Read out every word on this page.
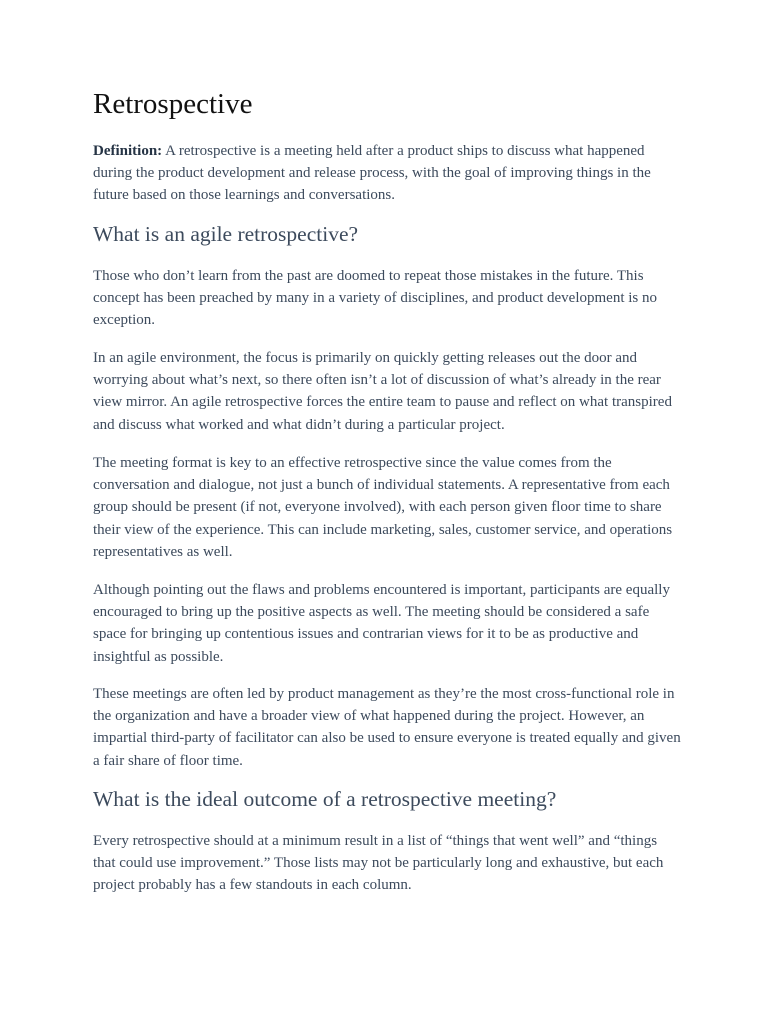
Retrospective

Definition: A retrospective is a meeting held after a product ships to discuss what happened during the product development and release process, with the goal of improving things in the future based on those learnings and conversations.

What is an agile retrospective?

Those who don’t learn from the past are doomed to repeat those mistakes in the future. This concept has been preached by many in a variety of disciplines, and product development is no exception.

In an agile environment, the focus is primarily on quickly getting releases out the door and worrying about what’s next, so there often isn’t a lot of discussion of what’s already in the rear view mirror. An agile retrospective forces the entire team to pause and reflect on what transpired and discuss what worked and what didn’t during a particular project.

The meeting format is key to an effective retrospective since the value comes from the conversation and dialogue, not just a bunch of individual statements. A representative from each group should be present (if not, everyone involved), with each person given floor time to share their view of the experience. This can include marketing, sales, customer service, and operations representatives as well.

Although pointing out the flaws and problems encountered is important, participants are equally encouraged to bring up the positive aspects as well. The meeting should be considered a safe space for bringing up contentious issues and contrarian views for it to be as productive and insightful as possible.

These meetings are often led by product management as they’re the most cross-functional role in the organization and have a broader view of what happened during the project. However, an impartial third-party of facilitator can also be used to ensure everyone is treated equally and given a fair share of floor time.

What is the ideal outcome of a retrospective meeting?

Every retrospective should at a minimum result in a list of “things that went well” and “things that could use improvement.” Those lists may not be particularly long and exhaustive, but each project probably has a few standouts in each column.
